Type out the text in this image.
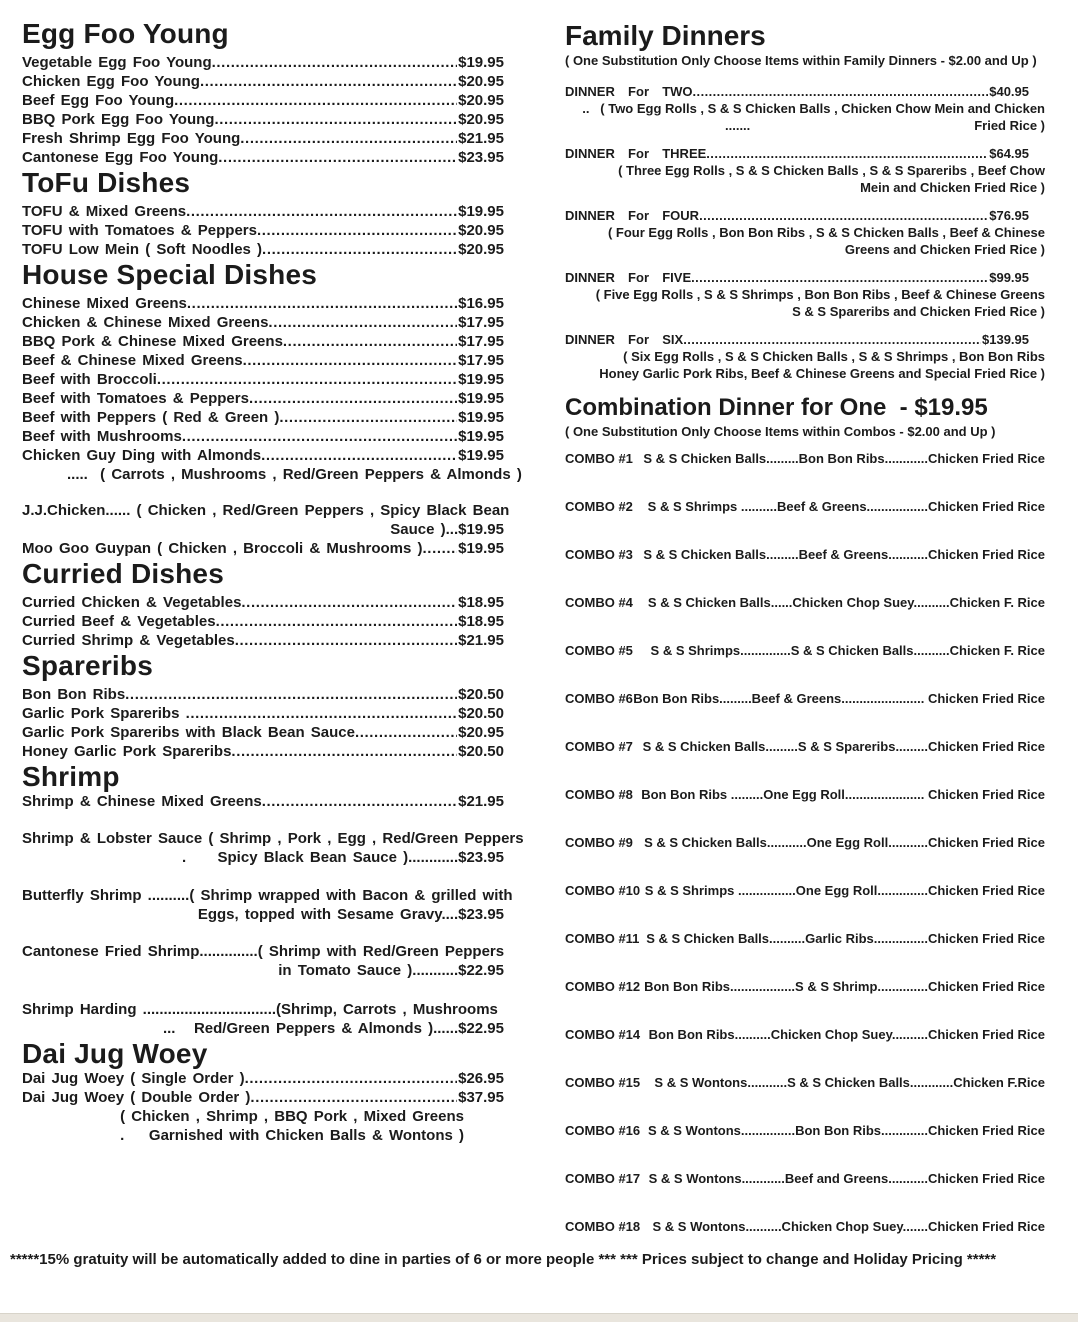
Egg Foo Young
Vegetable Egg Foo Young .....	$19.95
Chicken Egg Foo Young .....	$20.95
Beef Egg Foo Young .....	$20.95
BBQ Pork Egg Foo Young .....	$20.95
Fresh Shrimp Egg Foo Young .....	$21.95
Cantonese Egg Foo Young .....	$23.95
ToFu Dishes
TOFU & Mixed Greens .....	$19.95
TOFU with Tomatoes & Peppers .....	$20.95
TOFU Low Mein ( Soft Noodles ) .....	$20.95
House Special Dishes
Chinese Mixed Greens .....	$16.95
Chicken & Chinese Mixed Greens .....	$17.95
BBQ Pork & Chinese Mixed Greens .....	$17.95
Beef & Chinese Mixed Greens .....	$17.95
Beef with Broccoli .....	$19.95
Beef with Tomatoes & Peppers .....	$19.95
Beef with Peppers ( Red & Green ) .....	$19.95
Beef with Mushrooms .....	$19.95
Chicken Guy Ding with Almonds .....	$19.95
.....  ( Carrots , Mushrooms , Red/Green Peppers & Almonds )
J.J.Chicken...... ( Chicken , Red/Green Peppers , Spicy Black Bean
Sauce )...$19.95
Moo Goo Guypan ( Chicken , Broccoli & Mushrooms ) ..... $19.95
Curried Dishes
Curried Chicken & Vegetables .....	$18.95
Curried Beef & Vegetables .....	$18.95
Curried Shrimp & Vegetables .....	$21.95
Spareribs
Bon Bon Ribs .....	$20.50
Garlic Pork Spareribs .....	$20.50
Garlic Pork Spareribs with Black Bean Sauce .....	$20.95
Honey Garlic Pork Spareribs .....	$20.50
Shrimp
Shrimp & Chinese Mixed Greens .....	$21.95
Shrimp & Lobster Sauce ( Shrimp , Pork , Egg , Red/Green Peppers
. Spicy Black Bean Sauce )............$23.95
Butterfly Shrimp ..........( Shrimp wrapped with Bacon & grilled with
Eggs, topped with Sesame Gravy....$23.95
Cantonese Fried Shrimp..............( Shrimp with Red/Green Peppers
in Tomato Sauce )...........$22.95
Shrimp Harding ................................(Shrimp, Carrots , Mushrooms
...   Red/Green Peppers & Almonds )......$22.95
Dai Jug Woey
Dai Jug Woey ( Single Order ) .....	$26.95
Dai Jug Woey ( Double Order ) .....	$37.95
( Chicken , Shrimp , BBQ Pork , Mixed Greens
.    Garnished with Chicken Balls & Wontons )
Family Dinners
( One Substitution Only Choose Items within Family Dinners - $2.00 and Up )
DINNER  For  TWO .....	$40.95
..   ( Two Egg Rolls , S & S Chicken Balls , Chicken Chow Mein and Chicken
.......	Fried Rice )
DINNER  For  THREE .....	$64.95
( Three Egg Rolls , S & S Chicken Balls , S & S Spareribs , Beef Chow
Mein and Chicken Fried Rice )
DINNER  For  FOUR .....	$76.95
( Four Egg Rolls , Bon Bon Ribs , S & S Chicken Balls , Beef & Chinese
Greens and Chicken Fried Rice )
DINNER  For  FIVE .....	$99.95
( Five Egg Rolls , S & S Shrimps , Bon Bon Ribs , Beef & Chinese Greens
S & S Spareribs and Chicken Fried Rice )
DINNER  For  SIX .....	$139.95
( Six Egg Rolls , S & S Chicken Balls , S & S Shrimps , Bon Bon Ribs
Honey Garlic Pork Ribs, Beef & Chinese Greens and Special Fried Rice )
Combination Dinner for One  - $19.95
( One Substitution Only Choose Items within Combos - $2.00 and Up )
COMBO #1 S & S Chicken Balls.........Bon Bon Ribs............Chicken Fried Rice
COMBO #2 S & S Shrimps ..........Beef & Greens.................Chicken Fried Rice
COMBO #3 S & S Chicken Balls.........Beef & Greens...........Chicken Fried Rice
COMBO #4 S & S Chicken Balls......Chicken Chop Suey..........Chicken F. Rice
COMBO #5 S & S Shrimps..............S & S Chicken Balls..........Chicken F. Rice
COMBO #6 Bon Bon Ribs.........Beef & Greens....................... Chicken Fried Rice
COMBO #7 S & S Chicken Balls.........S & S Spareribs.........Chicken Fried Rice
COMBO #8 Bon Bon Ribs .........One Egg Roll...................... Chicken Fried Rice
COMBO #9 S & S Chicken Balls...........One Egg Roll...........Chicken Fried Rice
COMBO #10 S & S Shrimps ................One Egg Roll..............Chicken Fried Rice
COMBO #11 S & S Chicken Balls..........Garlic Ribs...............Chicken Fried Rice
COMBO #12 Bon Bon Ribs..................S & S Shrimp..............Chicken Fried Rice
COMBO #14 Bon Bon Ribs..........Chicken Chop Suey..........Chicken Fried Rice
COMBO #15 S & S Wontons...........S & S Chicken Balls............Chicken F.Rice
COMBO #16 S & S Wontons...............Bon Bon Ribs.............Chicken Fried Rice
COMBO #17 S & S Wontons............Beef and Greens...........Chicken Fried Rice
COMBO #18 S & S Wontons..........Chicken Chop Suey.......Chicken Fried Rice
*****15% gratuity will be automatically added to dine in parties of 6 or more people *** *** Prices subject to change and Holiday Pricing *****
